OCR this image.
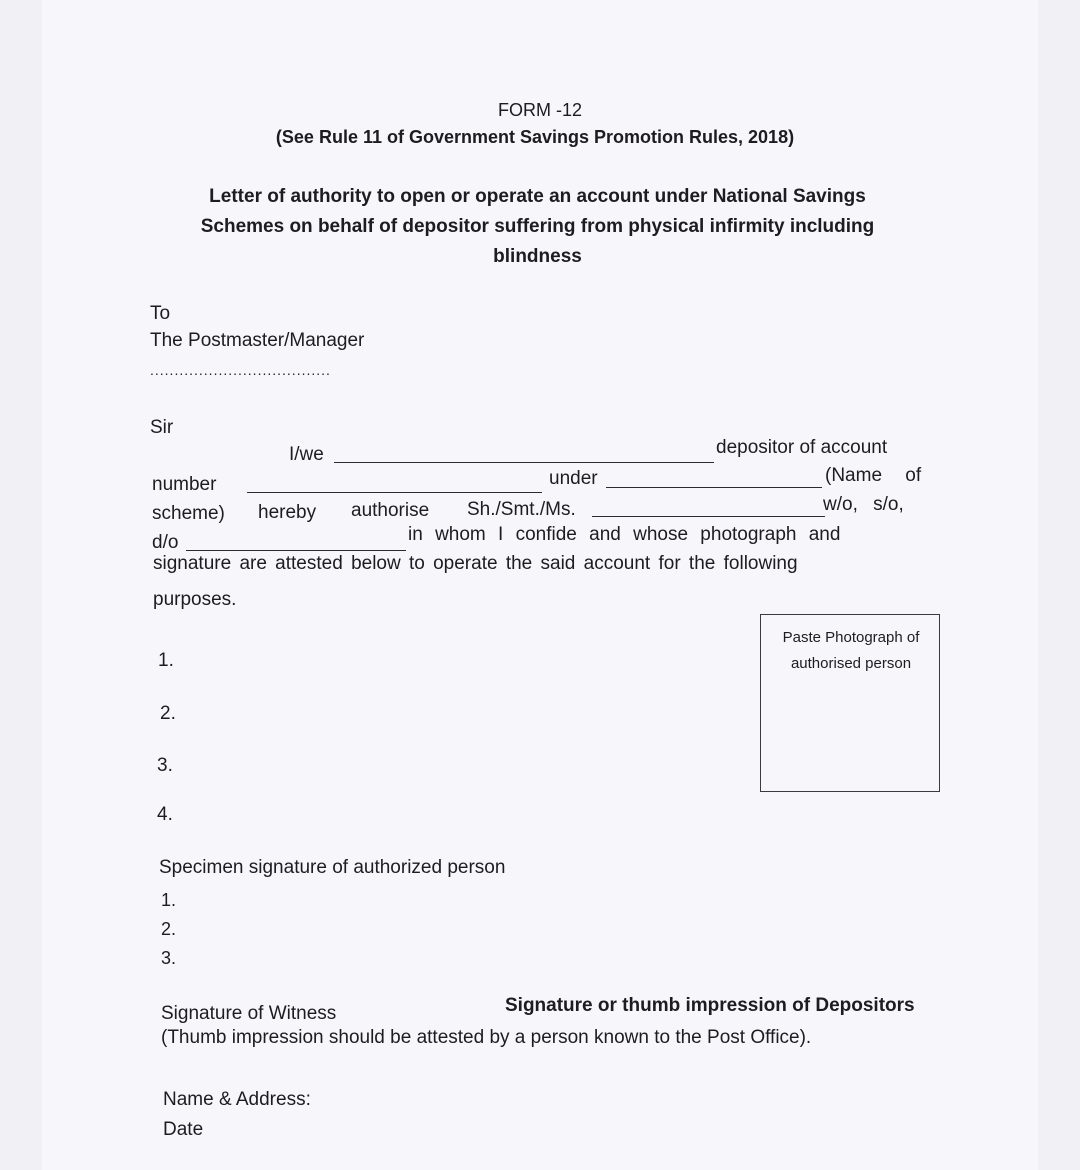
FORM -12
(See Rule 11 of Government Savings Promotion Rules, 2018)
Letter of authority to open or operate an account under National Savings
Schemes on behalf of depositor suffering from physical infirmity including
blindness
To
The Postmaster/Manager
.....................................
Sir
I/we	depositor of account
number	under	(Name of
scheme) hereby authorise Sh./Smt./Ms.	w/o, s/o,
d/o	in whom I confide and whose photograph and
signature are attested below to operate the said account for the following
purposes.
1.
2.
3.
4.
Paste Photograph of
authorised person
Specimen signature of authorized person
1.
2.
3.
Signature of Witness	Signature or thumb impression of Depositors
(Thumb impression should be attested by a person known to the Post Office).
Name & Address:
Date
